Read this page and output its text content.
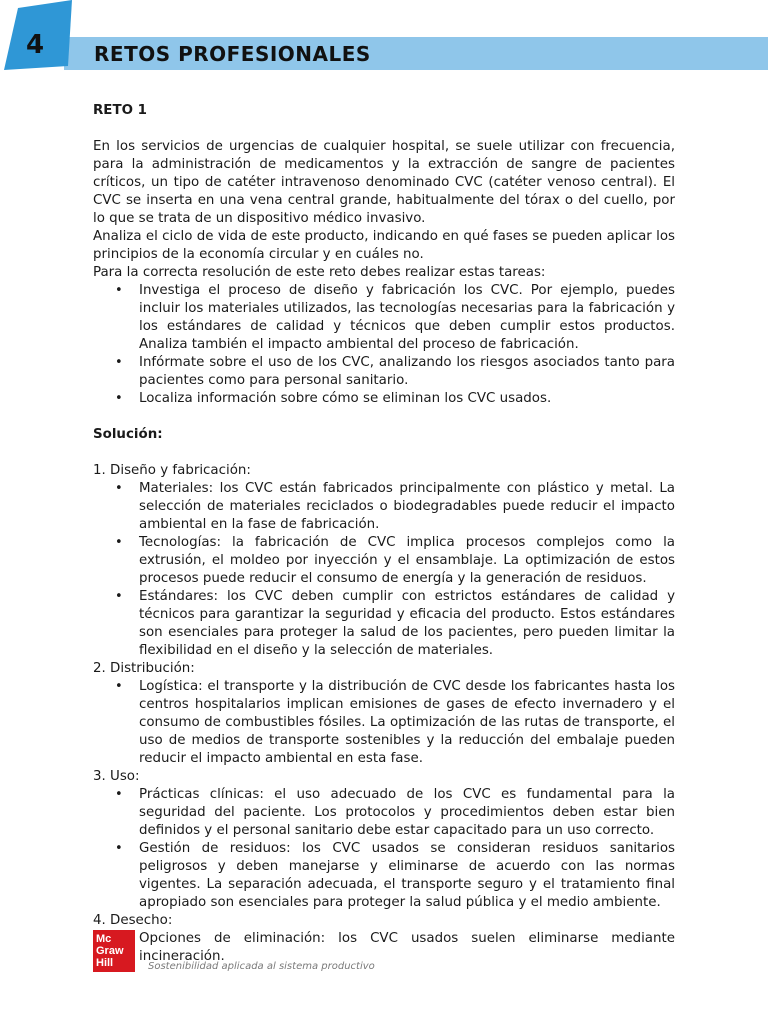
4 RETOS PROFESIONALES

RETO 1

En los servicios de urgencias de cualquier hospital, se suele utilizar con frecuencia, para la administración de medicamentos y la extracción de sangre de pacientes críticos, un tipo de catéter intravenoso denominado CVC (catéter venoso central). El CVC se inserta en una vena central grande, habitualmente del tórax o del cuello, por lo que se trata de un dispositivo médico invasivo.

Analiza el ciclo de vida de este producto, indicando en qué fases se pueden aplicar los principios de la economía circular y en cuáles no.

Para la correcta resolución de este reto debes realizar estas tareas:

• Investiga el proceso de diseño y fabricación los CVC. Por ejemplo, puedes incluir los materiales utilizados, las tecnologías necesarias para la fabricación y los estándares de calidad y técnicos que deben cumplir estos productos. Analiza también el impacto ambiental del proceso de fabricación.
• Infórmate sobre el uso de los CVC, analizando los riesgos asociados tanto para pacientes como para personal sanitario.
• Localiza información sobre cómo se eliminan los CVC usados.

Solución:

1. Diseño y fabricación:

• Materiales: los CVC están fabricados principalmente con plástico y metal. La selección de materiales reciclados o biodegradables puede reducir el impacto ambiental en la fase de fabricación.
• Tecnologías: la fabricación de CVC implica procesos complejos como la extrusión, el moldeo por inyección y el ensamblaje. La optimización de estos procesos puede reducir el consumo de energía y la generación de residuos.
• Estándares: los CVC deben cumplir con estrictos estándares de calidad y técnicos para garantizar la seguridad y eficacia del producto. Estos estándares son esenciales para proteger la salud de los pacientes, pero pueden limitar la flexibilidad en el diseño y la selección de materiales.

2. Distribución:

• Logística: el transporte y la distribución de CVC desde los fabricantes hasta los centros hospitalarios implican emisiones de gases de efecto invernadero y el consumo de combustibles fósiles. La optimización de las rutas de transporte, el uso de medios de transporte sostenibles y la reducción del embalaje pueden reducir el impacto ambiental en esta fase.

3. Uso:

• Prácticas clínicas: el uso adecuado de los CVC es fundamental para la seguridad del paciente. Los protocolos y procedimientos deben estar bien definidos y el personal sanitario debe estar capacitado para un uso correcto.
• Gestión de residuos: los CVC usados se consideran residuos sanitarios peligrosos y deben manejarse y eliminarse de acuerdo con las normas vigentes. La separación adecuada, el transporte seguro y el tratamiento final apropiado son esenciales para proteger la salud pública y el medio ambiente.

4. Desecho:

• Opciones de eliminación: los CVC usados suelen eliminarse mediante incineración.
Mc
Graw
Hill	Sostenibilidad aplicada al sistema productivo
